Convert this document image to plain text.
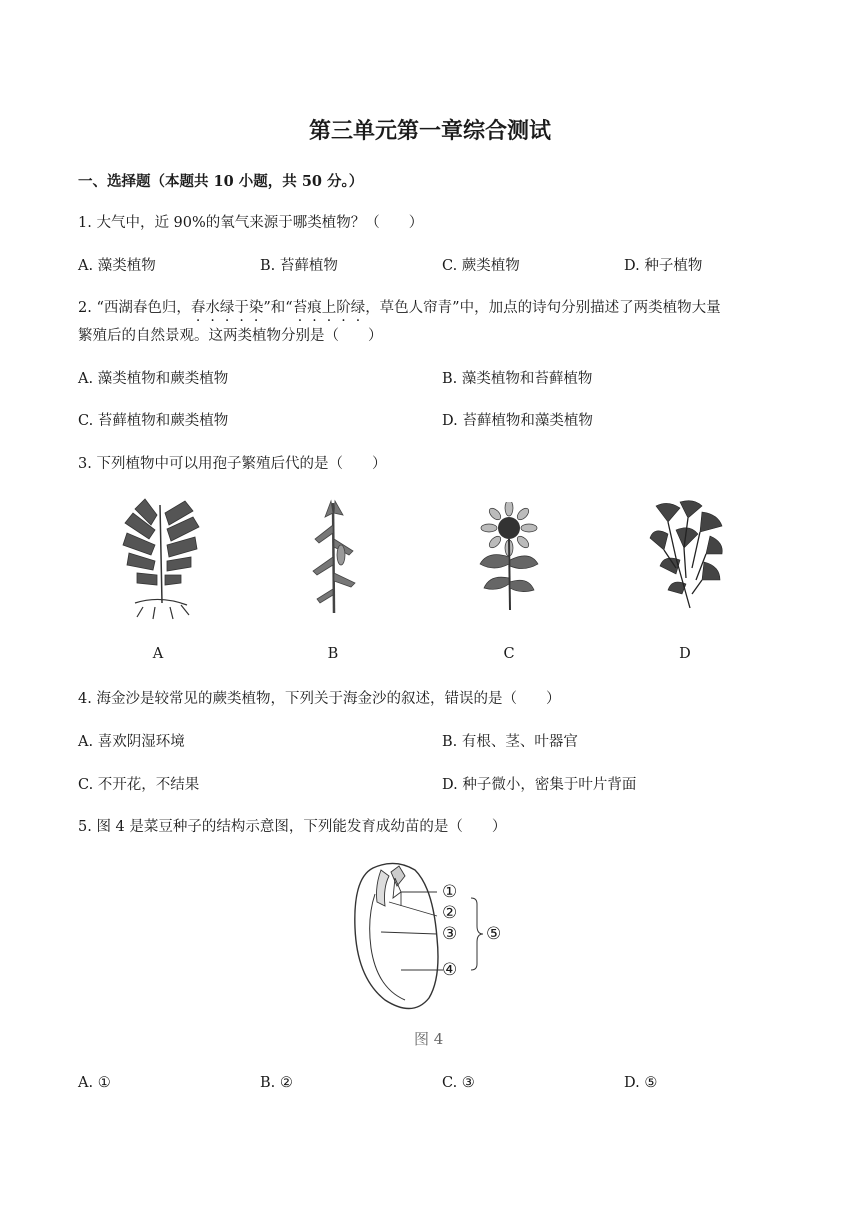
第三单元第一章综合测试
一、选择题（本题共 10 小题，共 50 分。）
1. 大气中，近 90%的氧气来源于哪类植物？（　　）
A. 藻类植物	B. 苔藓植物	C. 蕨类植物	D. 种子植物
2. “西湖春色归，春水绿于染”和“苔痕上阶绿，草色人帘青”中，加点的诗句分别描述了两类植物大量
繁殖后的自然景观。这两类植物分别是（　　）
A. 藻类植物和蕨类植物	B. 藻类植物和苔藓植物
C. 苔藓植物和蕨类植物	D. 苔藓植物和藻类植物
3. 下列植物中可以用孢子繁殖后代的是（　　）
A	B	C	D
4. 海金沙是较常见的蕨类植物，下列关于海金沙的叙述，错误的是（　　）
A. 喜欢阴湿环境	B. 有根、茎、叶器官
C. 不开花，不结果	D. 种子微小，密集于叶片背面
5. 图 4 是菜豆种子的结构示意图，下列能发育成幼苗的是（　　）
①
②
③
④
⑤
图 4
A. ①	B. ②	C. ③	D. ⑤
